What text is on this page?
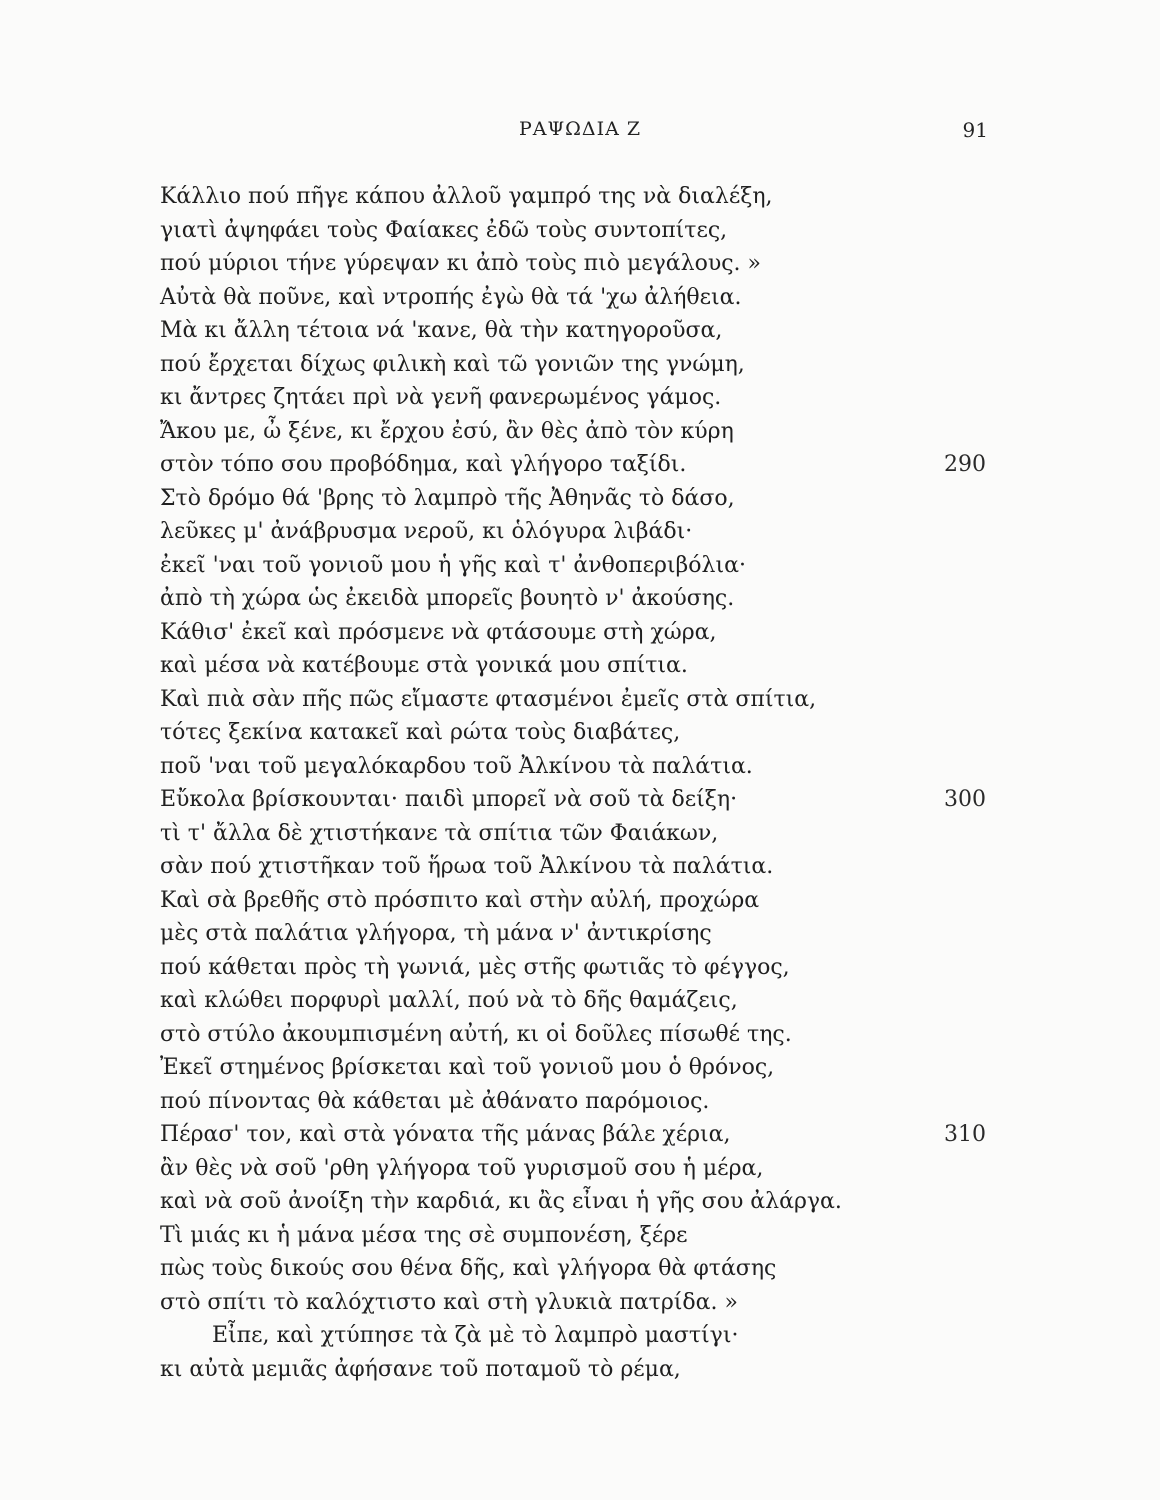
ΡΑΨΩΔΙΑ Ζ	91
Κάλλιο πού πῆγε κάπου ἀλλοῦ γαμπρό της νὰ διαλέξη,
γιατὶ ἀψηφάει τοὺς Φαίακες ἐδῶ τοὺς συντοπίτες,
πού μύριοι τήνε γύρεψαν κι ἀπὸ τοὺς πιὸ μεγάλους. »
Αὐτὰ θὰ ποῦνε, καὶ ντροπής ἐγὼ θὰ τά 'χω ἀλήθεια.
Μὰ κι ἄλλη τέτοια νά 'κανε, θὰ τὴν κατηγοροῦσα,
πού ἔρχεται δίχως φιλικὴ καὶ τῶ γονιῶν της γνώμη,
κι ἄντρες ζητάει πρὶ νὰ γενῆ φανερωμένος γάμος.
Ἄκου με, ὦ ξένε, κι ἔρχου ἐσύ, ἂν θὲς ἀπὸ τὸν κύρη
στὸν τόπο σου προβόδημα, καὶ γλήγορο ταξίδι.	290
Στὸ δρόμο θά 'βρης τὸ λαμπρὸ τῆς Ἀθηνᾶς τὸ δάσο,
λεῦκες μ' ἀνάβρυσμα νεροῦ, κι ὁλόγυρα λιβάδι·
ἐκεῖ 'ναι τοῦ γονιοῦ μου ἡ γῆς καὶ τ' ἀνθοπεριβόλια·
ἀπὸ τὴ χώρα ὡς ἐκειδὰ μπορεῖς βουητὸ ν' ἀκούσης.
Κάθισ' ἐκεῖ καὶ πρόσμενε νὰ φτάσουμε στὴ χώρα,
καὶ μέσα νὰ κατέβουμε στὰ γονικά μου σπίτια.
Καὶ πιὰ σὰν πῆς πῶς εἴμαστε φτασμένοι ἐμεῖς στὰ σπίτια,
τότες ξεκίνα κατακεῖ καὶ ρώτα τοὺς διαβάτες,
ποῦ 'ναι τοῦ μεγαλόκαρδου τοῦ Ἀλκίνου τὰ παλάτια.
Εὔκολα βρίσκουνται· παιδὶ μπορεῖ νὰ σοῦ τὰ δείξη·	300
τὶ τ' ἄλλα δὲ χτιστήκανε τὰ σπίτια τῶν Φαιάκων,
σὰν πού χτιστῆκαν τοῦ ἥρωα τοῦ Ἀλκίνου τὰ παλάτια.
Καὶ σὰ βρεθῆς στὸ πρόσπιτο καὶ στὴν αὐλή, προχώρα
μὲς στὰ παλάτια γλήγορα, τὴ μάνα ν' ἀντικρίσης
πού κάθεται πρὸς τὴ γωνιά, μὲς στῆς φωτιᾶς τὸ φέγγος,
καὶ κλώθει πορφυρὶ μαλλί, πού νὰ τὸ δῆς θαμάζεις,
στὸ στύλο ἀκουμπισμένη αὐτή, κι οἱ δοῦλες πίσωθέ της.
Ἐκεῖ στημένος βρίσκεται καὶ τοῦ γονιοῦ μου ὁ θρόνος,
πού πίνοντας θὰ κάθεται μὲ ἀθάνατο παρόμοιος.
Πέρασ' τον, καὶ στὰ γόνατα τῆς μάνας βάλε χέρια,	310
ἂν θὲς νὰ σοῦ 'ρθη γλήγορα τοῦ γυρισμοῦ σου ἡ μέρα,
καὶ νὰ σοῦ ἀνοίξη τὴν καρδιά, κι ἂς εἶναι ἡ γῆς σου ἀλάργα.
Τὶ μιάς κι ἡ μάνα μέσα της σὲ συμπονέση, ξέρε
πὼς τοὺς δικούς σου θένα δῆς, καὶ γλήγορα θὰ φτάσης
στὸ σπίτι τὸ καλόχτιστο καὶ στὴ γλυκιὰ πατρίδα. »
Εἶπε, καὶ χτύπησε τὰ ζὰ μὲ τὸ λαμπρὸ μαστίγι·
κι αὐτὰ μεμιᾶς ἀφήσανε τοῦ ποταμοῦ τὸ ρέμα,
